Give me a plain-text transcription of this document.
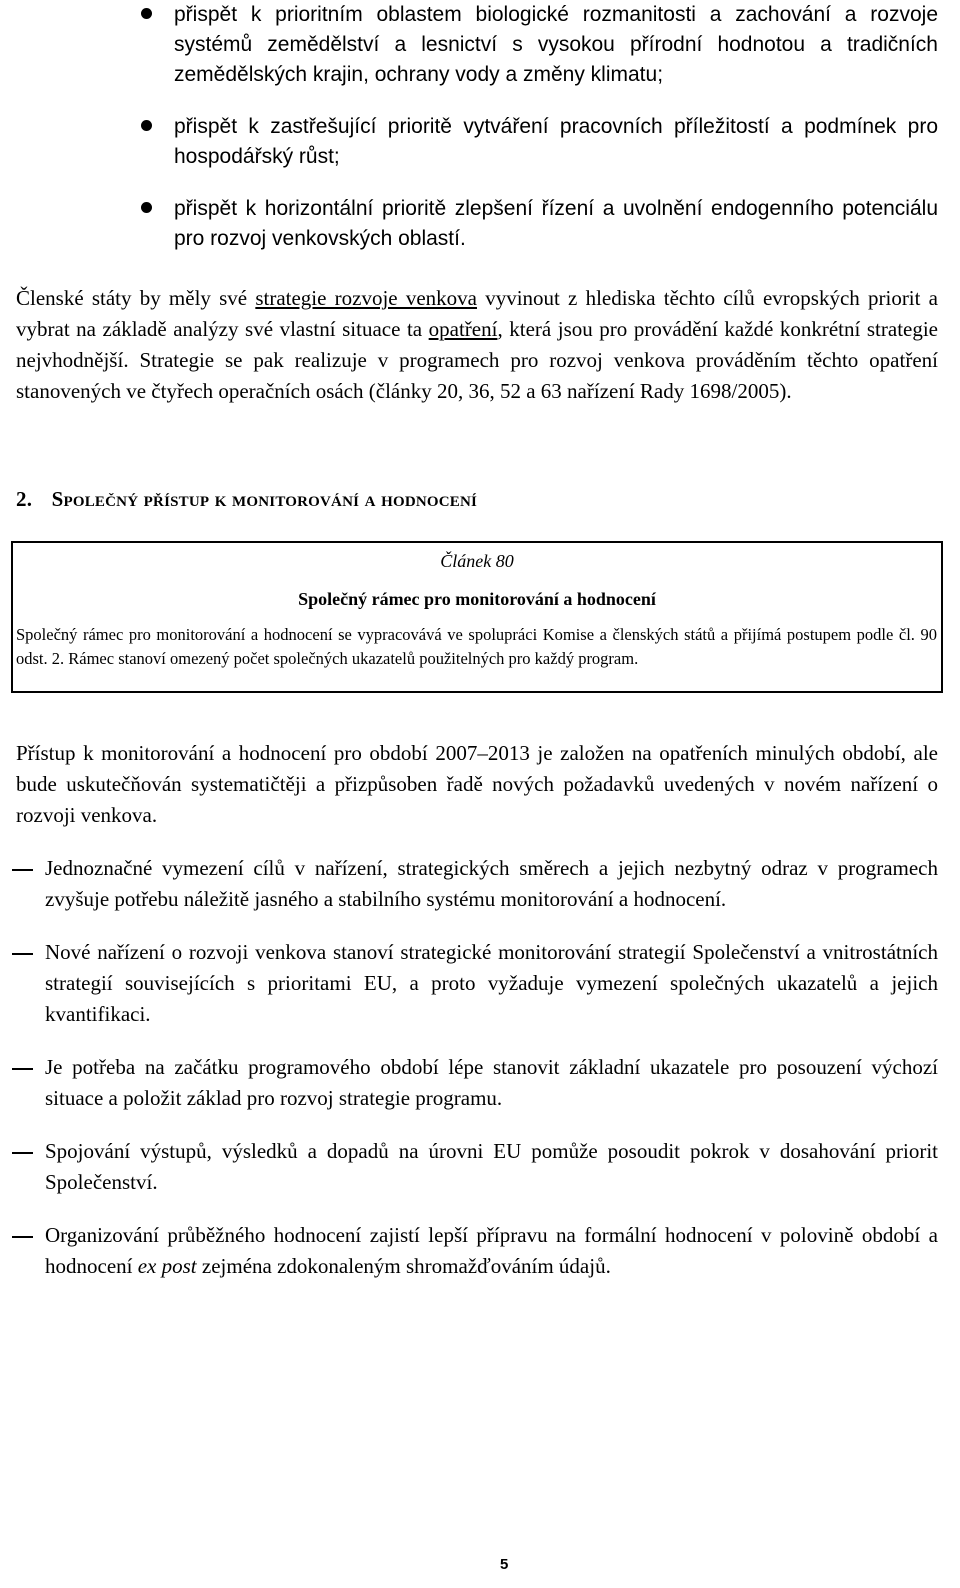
přispět k prioritním oblastem biologické rozmanitosti a zachování a rozvoje systémů zemědělství a lesnictví s vysokou přírodní hodnotou a tradičních zemědělských krajin, ochrany vody a změny klimatu;
přispět k zastřešující prioritě vytváření pracovních příležitostí a podmínek pro hospodářský růst;
přispět k horizontální prioritě zlepšení řízení a uvolnění endogenního potenciálu pro rozvoj venkovských oblastí.

Členské státy by měly své strategie rozvoje venkova vyvinout z hlediska těchto cílů evropských priorit a vybrat na základě analýzy své vlastní situace ta opatření, která jsou pro provádění každé konkrétní strategie nejvhodnější. Strategie se pak realizuje v programech pro rozvoj venkova prováděním těchto opatření stanovených ve čtyřech operačních osách (články 20, 36, 52 a 63 nařízení Rady 1698/2005).

2. Společný přístup k monitorování a hodnocení

Článek 80

Společný rámec pro monitorování a hodnocení

Společný rámec pro monitorování a hodnocení se vypracovává ve spolupráci Komise a členských států a přijímá postupem podle čl. 90 odst. 2. Rámec stanoví omezený počet společných ukazatelů použitelných pro každý program.

Přístup k monitorování a hodnocení pro období 2007–2013 je založen na opatřeních minulých období, ale bude uskutečňován systematičtěji a přizpůsoben řadě nových požadavků uvedených v novém nařízení o rozvoji venkova.

Jednoznačné vymezení cílů v nařízení, strategických směrech a jejich nezbytný odraz v programech zvyšuje potřebu náležitě jasného a stabilního systému monitorování a hodnocení.
Nové nařízení o rozvoji venkova stanoví strategické monitorování strategií Společenství a vnitrostátních strategií souvisejících s prioritami EU, a proto vyžaduje vymezení společných ukazatelů a jejich kvantifikaci.
Je potřeba na začátku programového období lépe stanovit základní ukazatele pro posouzení výchozí situace a položit základ pro rozvoj strategie programu.
Spojování výstupů, výsledků a dopadů na úrovni EU pomůže posoudit pokrok v dosahování priorit Společenství.
Organizování průběžného hodnocení zajistí lepší přípravu na formální hodnocení v polovině období a hodnocení ex post zejména zdokonaleným shromažďováním údajů.

5
